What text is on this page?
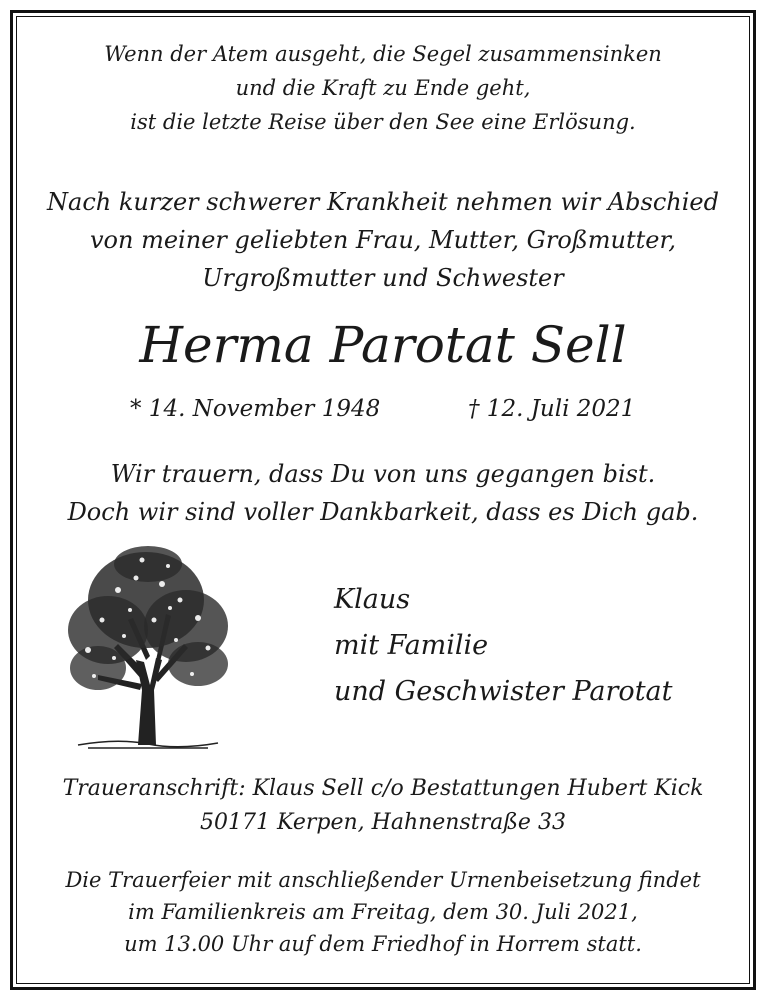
Wenn der Atem ausgeht, die Segel zusammensinken
und die Kraft zu Ende geht,
ist die letzte Reise über den See eine Erlösung.
Nach kurzer schwerer Krankheit nehmen wir Abschied
von meiner geliebten Frau, Mutter, Großmutter,
Urgroßmutter und Schwester
Herma Parotat Sell
* 14. November 1948	† 12. Juli 2021
Wir trauern, dass Du von uns gegangen bist.
Doch wir sind voller Dankbarkeit, dass es Dich gab.
Klaus
mit Familie
und Geschwister Parotat
Traueranschrift: Klaus Sell c/o Bestattungen Hubert Kick
50171 Kerpen, Hahnenstraße 33
Die Trauerfeier mit anschließender Urnenbeisetzung findet
im Familienkreis am Freitag, dem 30. Juli 2021,
um 13.00 Uhr auf dem Friedhof in Horrem statt.
